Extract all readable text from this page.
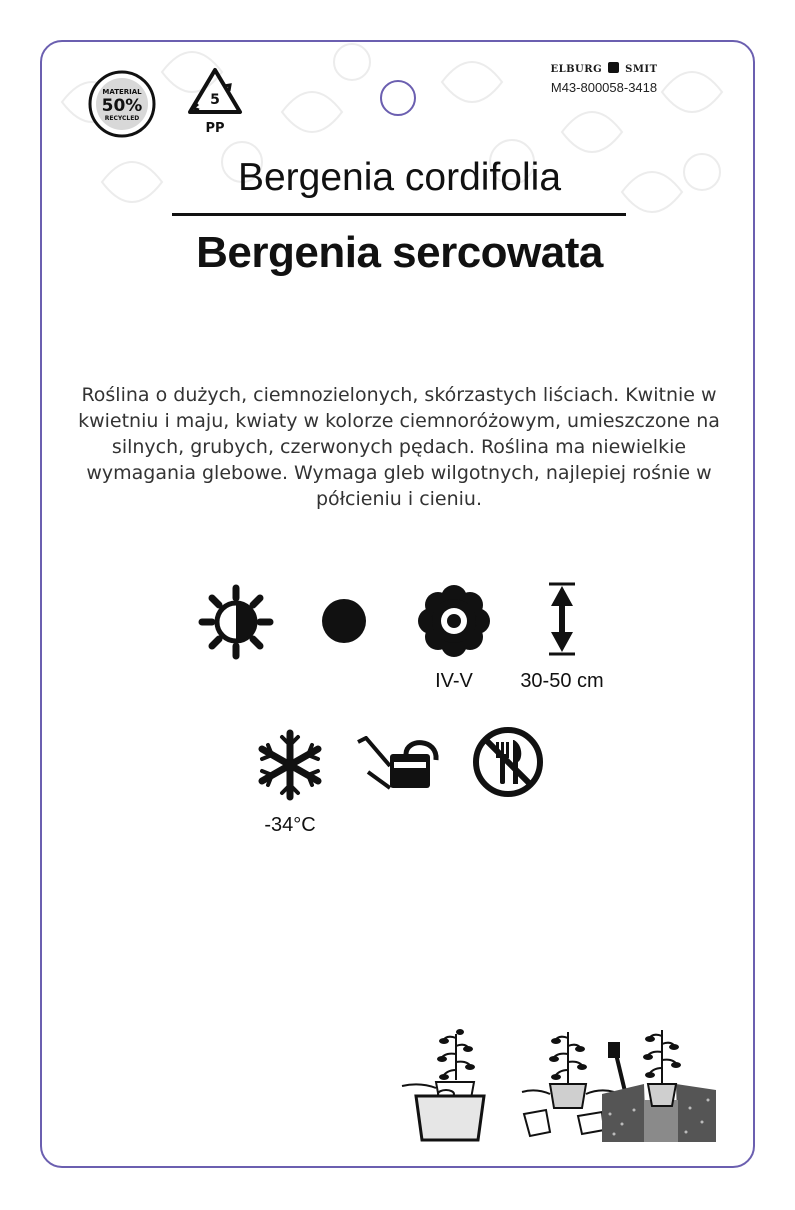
MATERIAL
50%
RECYCLED
5
PP
ELBURG SMIT
M43-800058-3418
Bergenia cordifolia
Bergenia sercowata
Roślina o dużych, ciemnozielonych, skórzastych liściach. Kwitnie w kwietniu i maju, kwiaty w kolorze ciemnoróżowym, umieszczone na silnych, grubych, czerwonych pędach. Roślina ma niewielkie wymagania glebowe. Wymaga gleb wilgotnych, najlepiej rośnie w półcieniu i cieniu.
IV-V	30-50 cm
-34°C
